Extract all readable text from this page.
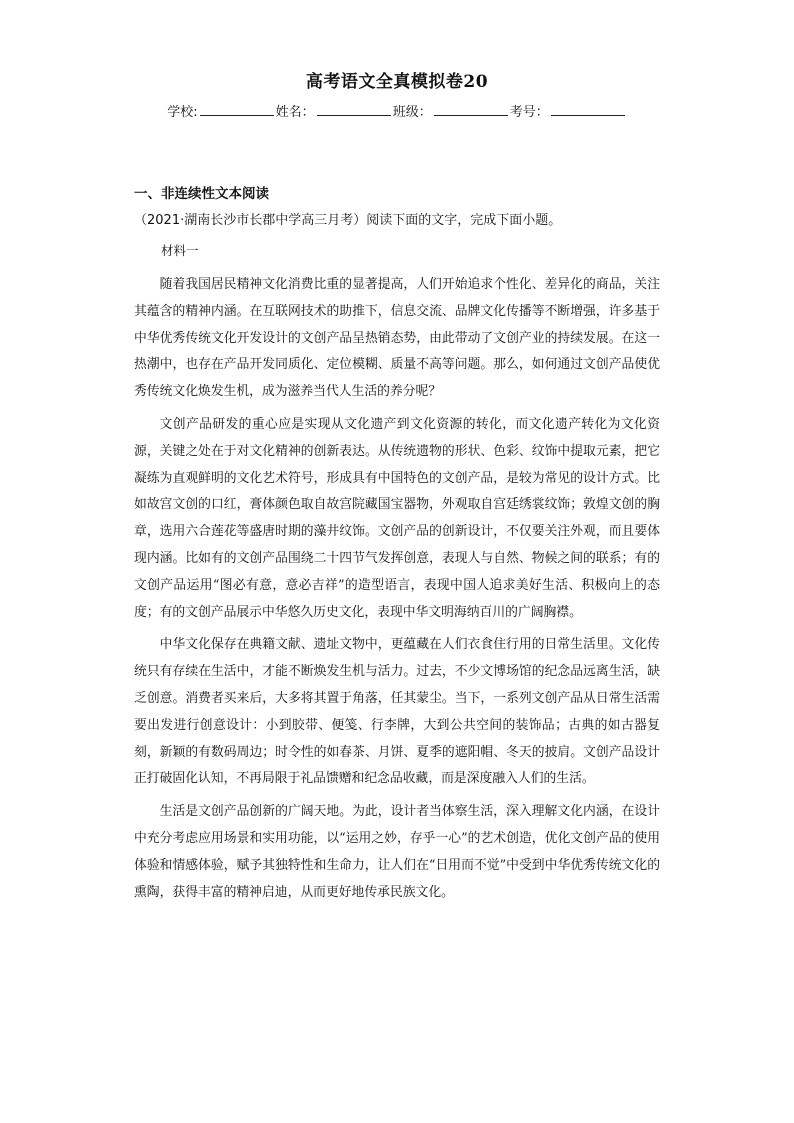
高考语文全真模拟卷20
学校:	姓名：	班级：	考号：
一、非连续性文本阅读
（2021·湖南长沙市长郡中学高三月考）阅读下面的文字，完成下面小题。
材料一

随着我国居民精神文化消费比重的显著提高，人们开始追求个性化、差异化的商品，关注其蕴含的精神内涵。在互联网技术的助推下，信息交流、品牌文化传播等不断增强，许多基于中华优秀传统文化开发设计的文创产品呈热销态势，由此带动了文创产业的持续发展。在这一热潮中，也存在产品开发同质化、定位模糊、质量不高等问题。那么，如何通过文创产品使优秀传统文化焕发生机，成为滋养当代人生活的养分呢？

文创产品研发的重心应是实现从文化遗产到文化资源的转化，而文化遗产转化为文化资源，关键之处在于对文化精神的创新表达。从传统遗物的形状、色彩、纹饰中提取元素，把它凝练为直观鲜明的文化艺术符号，形成具有中国特色的文创产品，是较为常见的设计方式。比如故宫文创的口红，膏体颜色取自故宫院藏国宝器物，外观取自宫廷绣裳纹饰；敦煌文创的胸章，选用六合莲花等盛唐时期的藻井纹饰。文创产品的创新设计，不仅要关注外观，而且要体现内涵。比如有的文创产品围绕二十四节气发挥创意，表现人与自然、物候之间的联系；有的文创产品运用“图必有意，意必吉祥”的造型语言，表现中国人追求美好生活、积极向上的态度；有的文创产品展示中华悠久历史文化，表现中华文明海纳百川的广阔胸襟。

中华文化保存在典籍文献、遗址文物中，更蕴藏在人们衣食住行用的日常生活里。文化传统只有存续在生活中，才能不断焕发生机与活力。过去，不少文博场馆的纪念品远离生活，缺乏创意。消费者买来后，大多将其置于角落，任其蒙尘。当下，一系列文创产品从日常生活需要出发进行创意设计：小到胶带、便笺、行李牌，大到公共空间的装饰品；古典的如古器复刻，新颖的有数码周边；时令性的如春茶、月饼、夏季的遮阳帽、冬天的披肩。文创产品设计正打破固化认知，不再局限于礼品馈赠和纪念品收藏，而是深度融入人们的生活。

生活是文创产品创新的广阔天地。为此，设计者当体察生活，深入理解文化内涵，在设计中充分考虑应用场景和实用功能，以“运用之妙，存乎一心”的艺术创造，优化文创产品的使用体验和情感体验，赋予其独特性和生命力，让人们在“日用而不觉”中受到中华优秀传统文化的熏陶，获得丰富的精神启迪，从而更好地传承民族文化。
